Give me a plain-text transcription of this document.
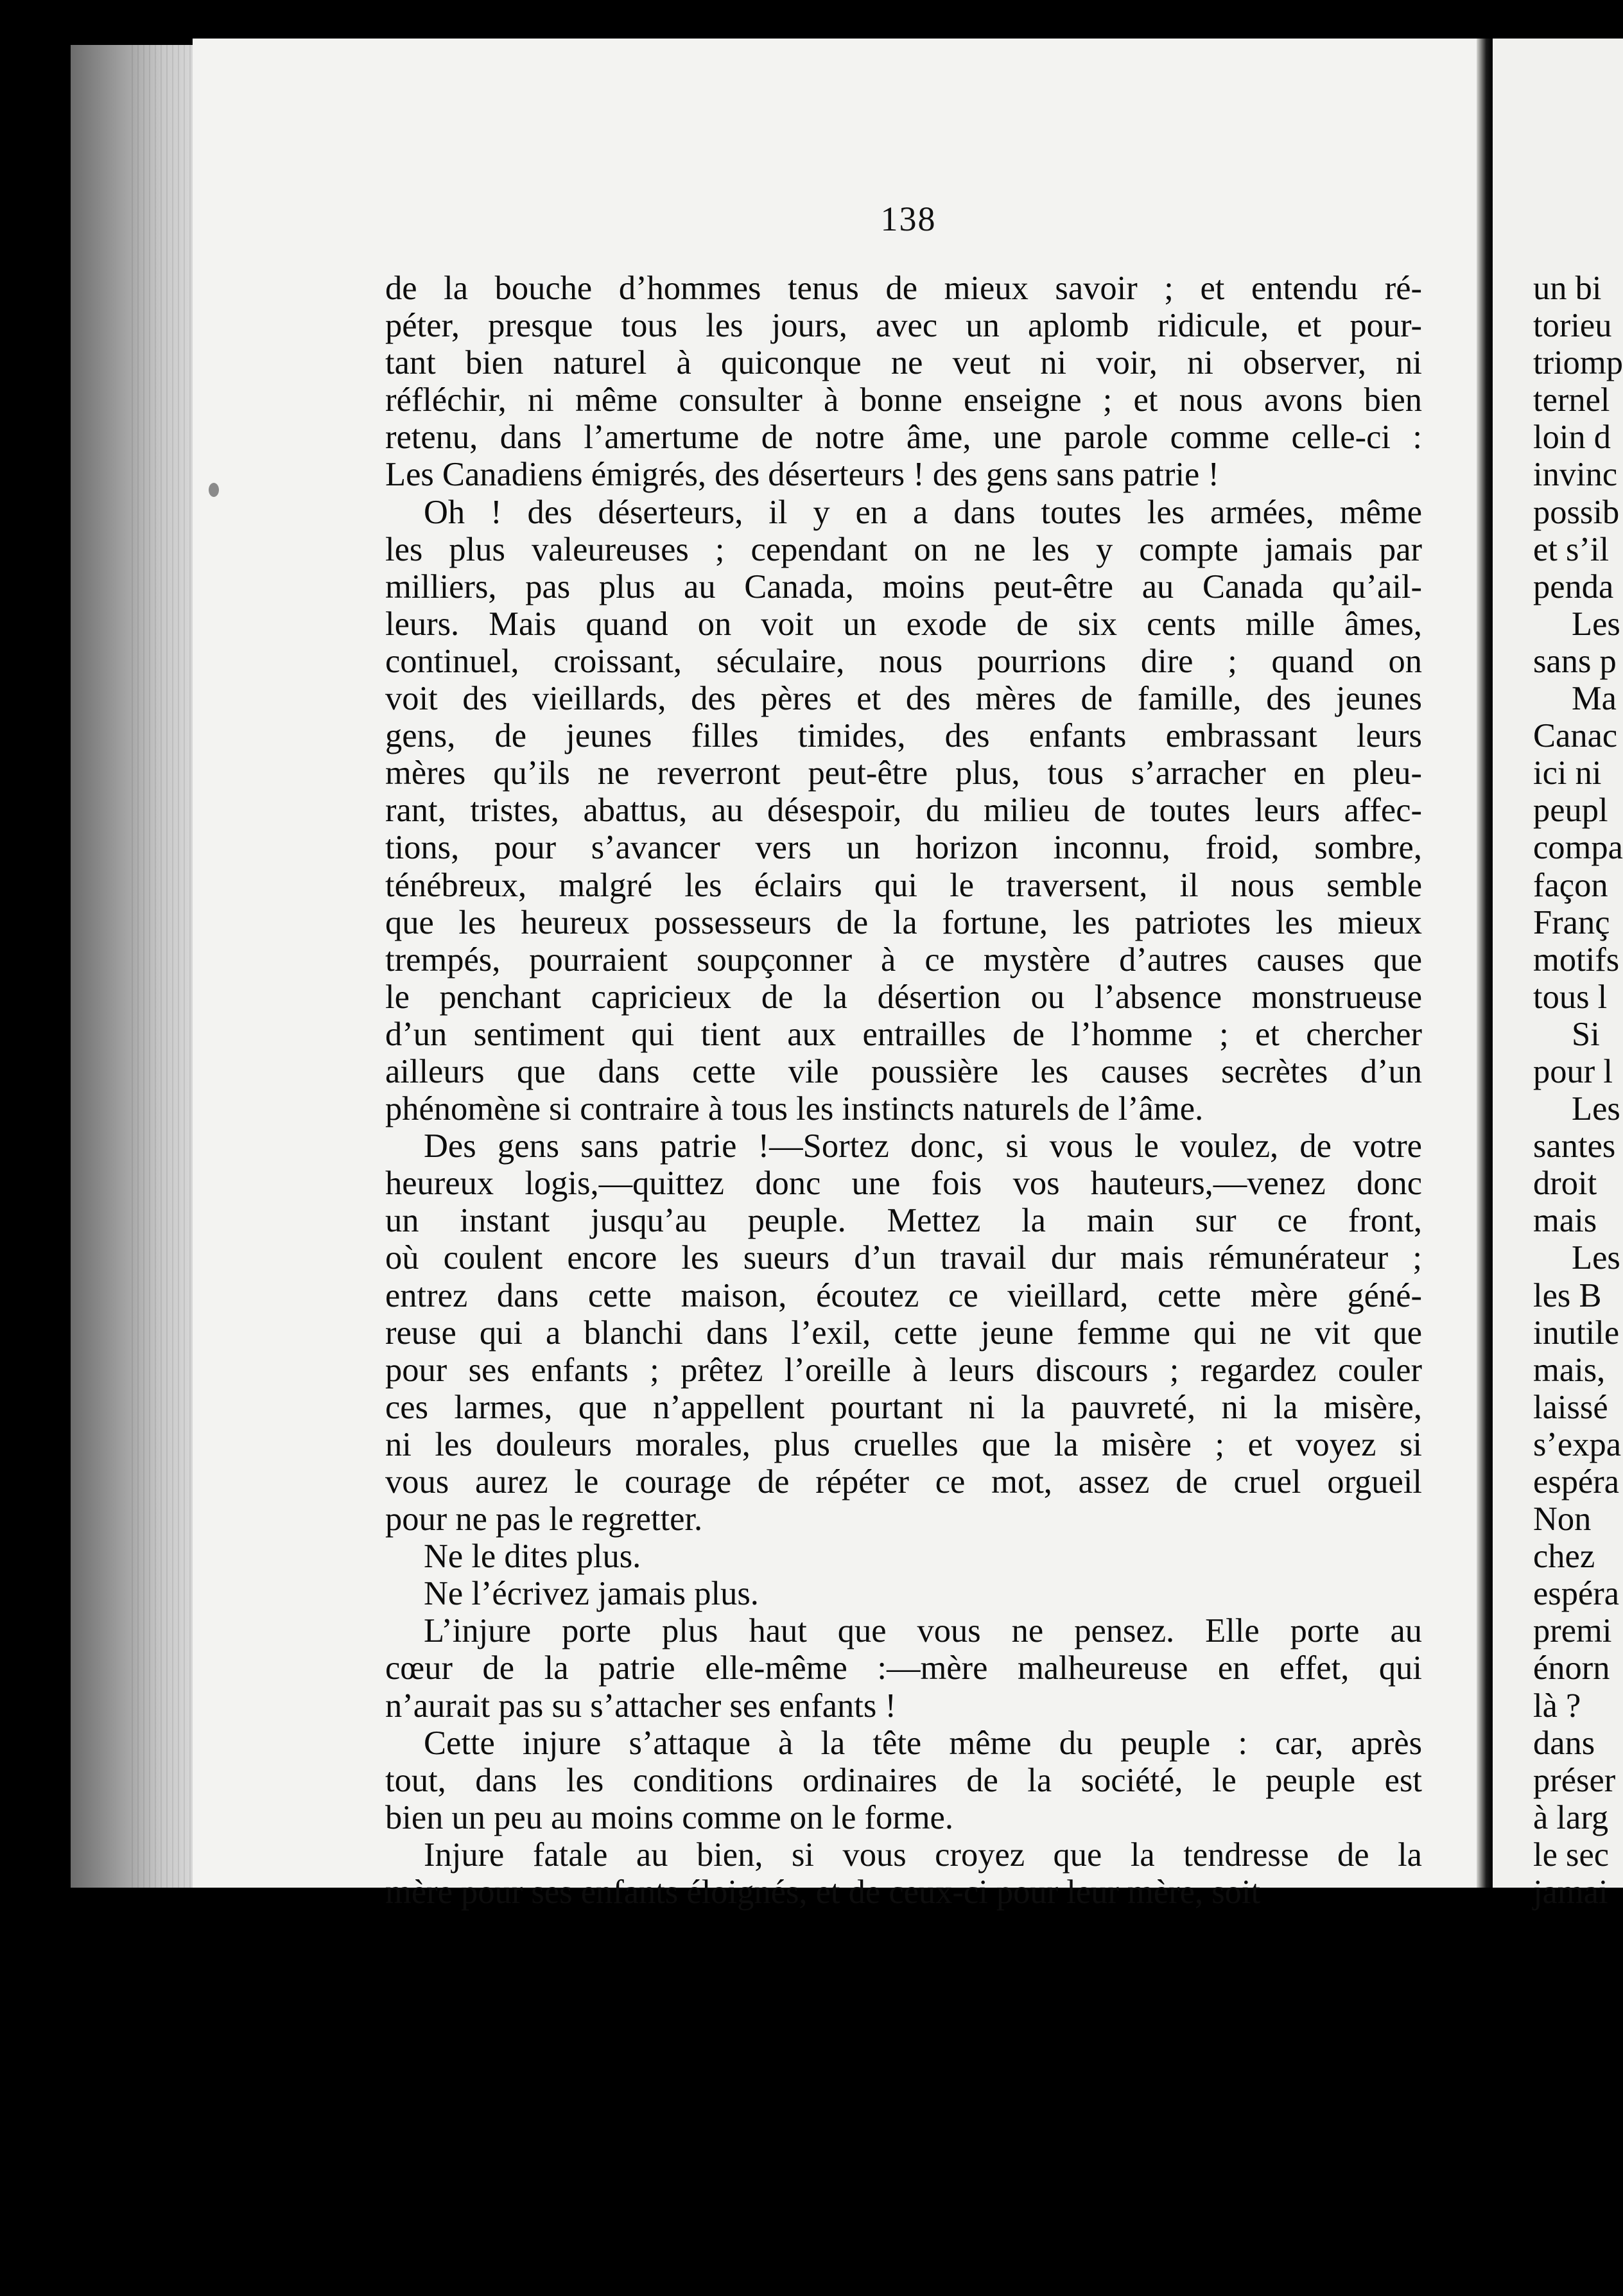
138
de la bouche d’hommes tenus de mieux savoir ; et entendu ré-
péter, presque tous les jours, avec un aplomb ridicule, et pour-
tant bien naturel à quiconque ne veut ni voir, ni observer, ni
réfléchir, ni même consulter à bonne enseigne ; et nous avons bien
retenu, dans l’amertume de notre âme, une parole comme celle-ci :
Les Canadiens émigrés, des déserteurs ! des gens sans patrie !
Oh ! des déserteurs, il y en a dans toutes les armées, même
les plus valeureuses ; cependant on ne les y compte jamais par
milliers, pas plus au Canada, moins peut-être au Canada qu’ail-
leurs. Mais quand on voit un exode de six cents mille âmes,
continuel, croissant, séculaire, nous pourrions dire ; quand on
voit des vieillards, des pères et des mères de famille, des jeunes
gens, de jeunes filles timides, des enfants embrassant leurs
mères qu’ils ne reverront peut-être plus, tous s’arracher en pleu-
rant, tristes, abattus, au désespoir, du milieu de toutes leurs affec-
tions, pour s’avancer vers un horizon inconnu, froid, sombre,
ténébreux, malgré les éclairs qui le traversent, il nous semble
que les heureux possesseurs de la fortune, les patriotes les mieux
trempés, pourraient soupçonner à ce mystère d’autres causes que
le penchant capricieux de la désertion ou l’absence monstrueuse
d’un sentiment qui tient aux entrailles de l’homme ; et chercher
ailleurs que dans cette vile poussière les causes secrètes d’un
phénomène si contraire à tous les instincts naturels de l’âme.
Des gens sans patrie !—Sortez donc, si vous le voulez, de votre
heureux logis,—quittez donc une fois vos hauteurs,—venez donc
un instant jusqu’au peuple. Mettez la main sur ce front,
où coulent encore les sueurs d’un travail dur mais rémunérateur ;
entrez dans cette maison, écoutez ce vieillard, cette mère géné-
reuse qui a blanchi dans l’exil, cette jeune femme qui ne vit que
pour ses enfants ; prêtez l’oreille à leurs discours ; regardez couler
ces larmes, que n’appellent pourtant ni la pauvreté, ni la misère,
ni les douleurs morales, plus cruelles que la misère ; et voyez si
vous aurez le courage de répéter ce mot, assez de cruel orgueil
pour ne pas le regretter.
Ne le dites plus.
Ne l’écrivez jamais plus.
L’injure porte plus haut que vous ne pensez. Elle porte au
cœur de la patrie elle-même :—mère malheureuse en effet, qui
n’aurait pas su s’attacher ses enfants !
Cette injure s’attaque à la tête même du peuple : car, après
tout, dans les conditions ordinaires de la société, le peuple est
bien un peu au moins comme on le forme.
Injure fatale au bien, si vous croyez que la tendresse de la
mère pour ses enfants éloignés, et de ceux-ci pour leur mère, soit
un bi
torieu
triomp
ternel
loin d
invinc
possib
et s’il
penda
Les
sans p
Ma
Canac
ici ni
peupl
compa
façon
Franç
motifs
tous l
Si
pour l
Les
santes
droit
mais
Les
les B
inutile
mais,
laissé
s’expa
espéra
Non
chez
espéra
premi
énorn
là ?
dans
préser
à larg
le sec
jamai
